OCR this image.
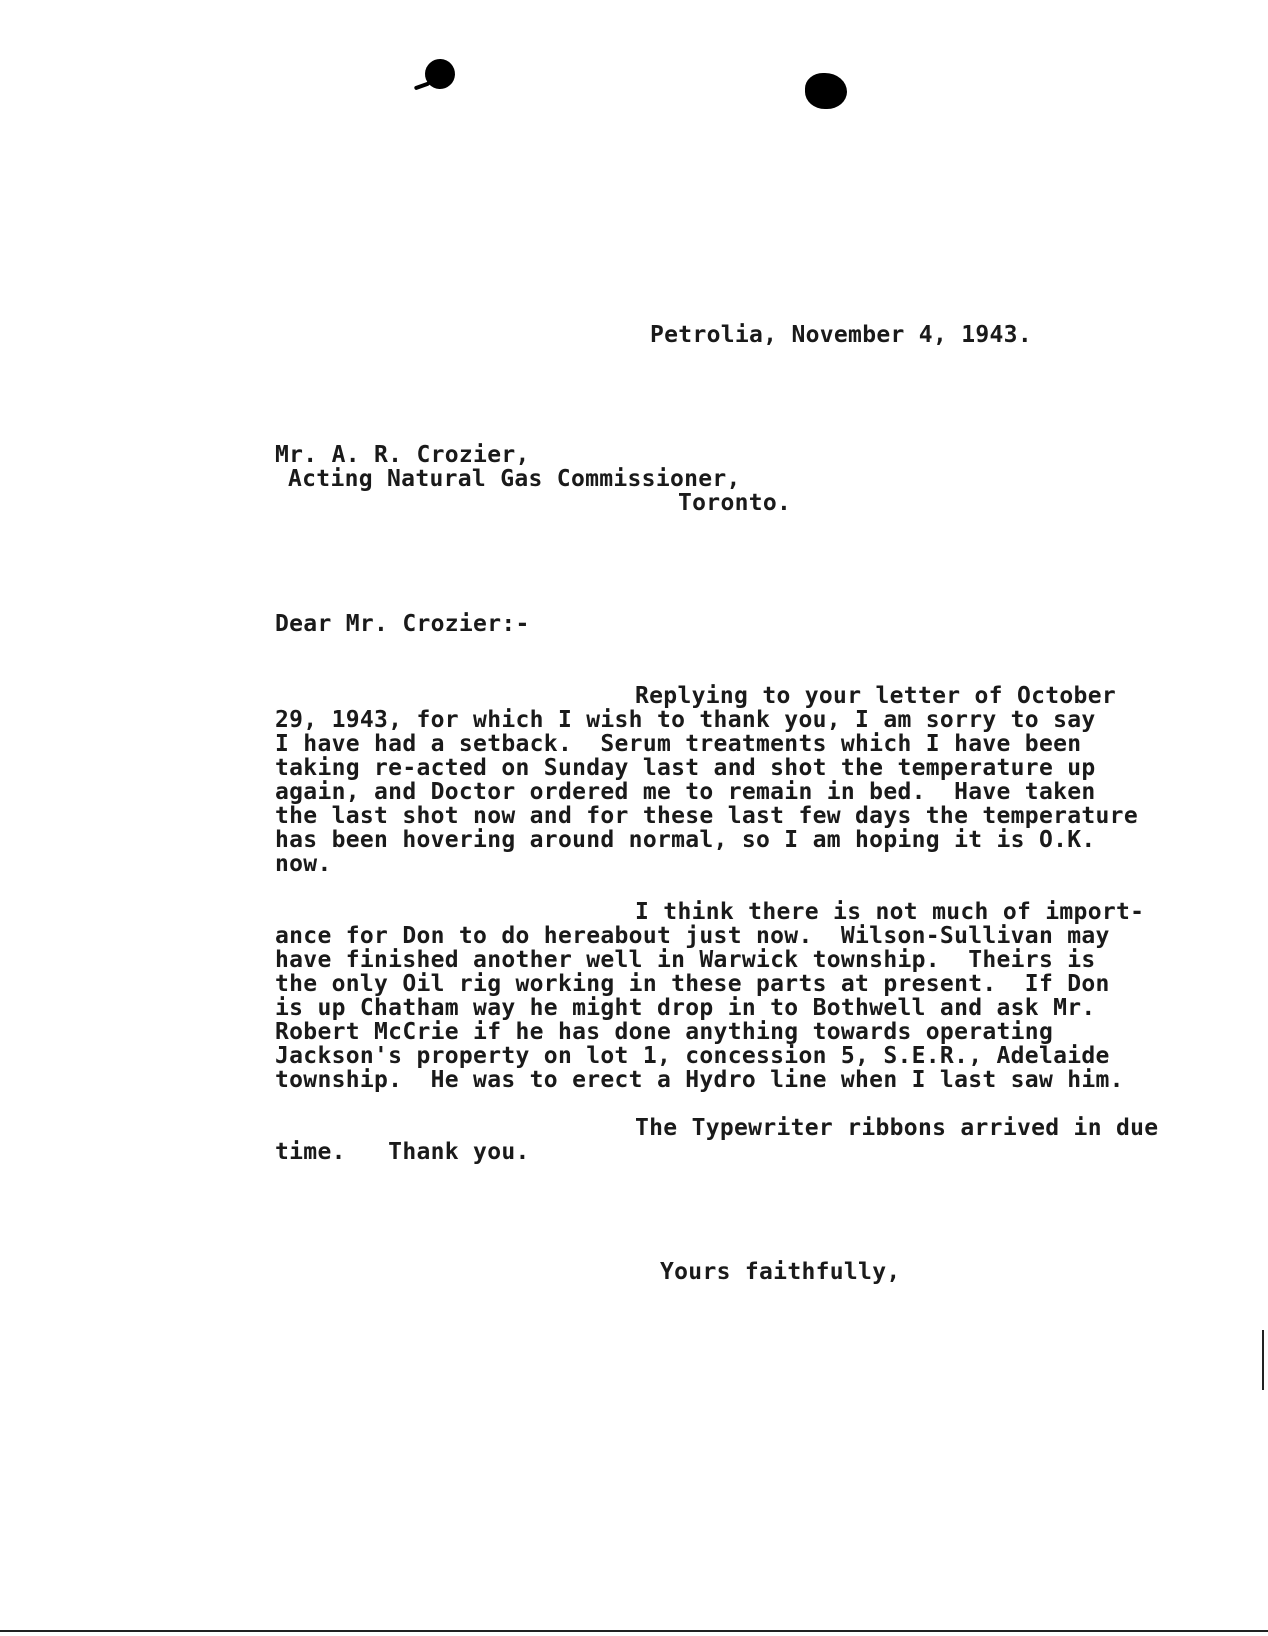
Petrolia, November 4, 1943.
Mr. A. R. Crozier,
Acting Natural Gas Commissioner,
Toronto.
Dear Mr. Crozier:-
Replying to your letter of October
29, 1943, for which I wish to thank you, I am sorry to say
I have had a setback.  Serum treatments which I have been
taking re-acted on Sunday last and shot the temperature up
again, and Doctor ordered me to remain in bed.  Have taken
the last shot now and for these last few days the temperature
has been hovering around normal, so I am hoping it is O.K.
now.
I think there is not much of import-
ance for Don to do hereabout just now.  Wilson-Sullivan may
have finished another well in Warwick township.  Theirs is
the only Oil rig working in these parts at present.  If Don
is up Chatham way he might drop in to Bothwell and ask Mr.
Robert McCrie if he has done anything towards operating
Jackson's property on lot 1, concession 5, S.E.R., Adelaide
township.  He was to erect a Hydro line when I last saw him.
The Typewriter ribbons arrived in due
time.   Thank you.
Yours faithfully,
